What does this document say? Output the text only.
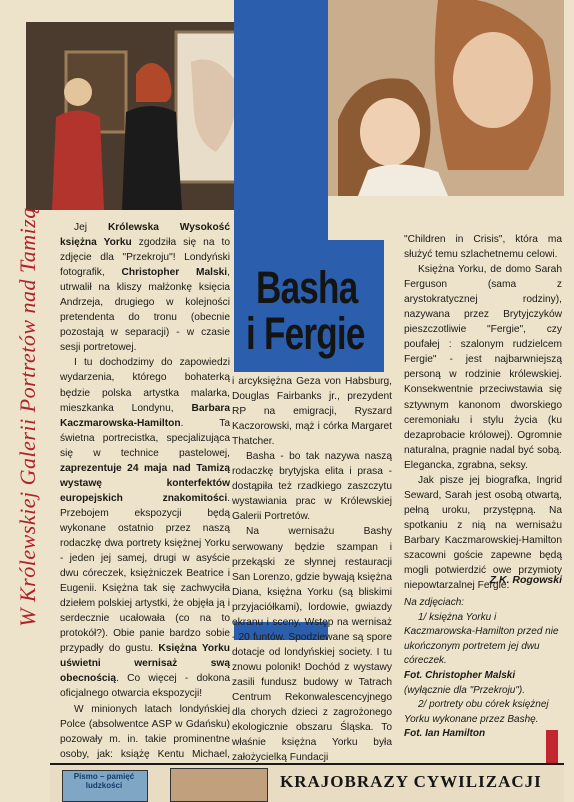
Basha
i Fergie
W Królewskiej Galerii Portretów nad Tamizą	Jej Królewska Wysokość księżna Yorku zgodziła się na to zdjęcie dla "Przekroju"! Londyński fotografik, Christopher Malski, utrwalił na kliszy małżonkę księcia Andrzeja, drugiego w kolejności pretendenta do tronu (obecnie pozostają w separacji) - w czasie sesji portretowej.

I tu dochodzimy do zapowiedzi wydarzenia, którego bohaterką będzie polska artystka malarka, mieszkanka Londynu, Barbara Kaczmarowska-Hamilton. Ta świetna portrecistka, specjalizująca się w technice pastelowej, zaprezentuje 24 maja nad Tamizą wystawę konterfektów europejskich znakomitości. Przebojem ekspozycji będą wykonane ostatnio przez naszą rodaczkę dwa portrety księżnej Yorku - jeden jej samej, drugi w asyście dwu córeczek, księżniczek Beatrice i Eugenii. Księżna tak się zachwyciła dziełem polskiej artystki, że objęła ją i serdecznie ucałowała (co na to protokół?). Obie panie bardzo sobie przypadły do gustu. Księżna Yorku uświetni wernisaż swą obecnością. Co więcej - dokona oficjalnego otwarcia ekspozycji!

W minionych latach londyńskiej Polce (absolwentce ASP w Gdańsku) pozowały m. in. takie prominentne osoby, jak: książę Kentu Michael,

i arcyksiężna Geza von Habsburg, Douglas Fairbanks jr., prezydent RP na emigracji, Ryszard Kaczorowski, mąż i córka Margaret Thatcher.

Basha - bo tak nazywa naszą rodaczkę brytyjska elita i prasa - dostąpiła też rzadkiego zaszczytu wystawiania prac w Królewskiej Galerii Portretów.

Na wernisażu Bashy serwowany będzie szampan i przekąski ze słynnej restauracji San Lorenzo, gdzie bywają księżna Diana, księżna Yorku (są bliskimi przyjaciółkami), lordowie, gwiazdy ekranu i sceny. Wstęp na wernisaż - 20 funtów. Spodziewane są spore dotacje od londyńskiej society. I tu znowu polonik! Dochód z wystawy zasili fundusz budowy w Tatrach Centrum Rekonwalescencyjnego dla chorych dzieci z zagrożonego ekologicznie obszaru Śląska. To właśnie księżna Yorku była założycielką Fundacji

"Children in Crisis", która ma służyć temu szlachetnemu celowi.

Księżna Yorku, de domo Sarah Ferguson (sama z arystokratycznej rodziny), nazywana przez Brytyjczyków pieszczotliwie "Fergie", czy poufałej : szalonym rudzielcem Fergie" - jest najbarwniejszą personą w rodzinie królewskiej. Konsekwentnie przeciwstawia się sztywnym kanonom dworskiego ceremoniału i stylu życia (ku dezaprobacie królowej). Ogromnie naturalna, pragnie nadal być sobą. Elegancka, zgrabna, seksy.

Jak pisze jej biografka, Ingrid Seward, Sarah jest osobą otwartą, pełną uroku, przystępną. Na spotkaniu z nią na wernisażu Barbary Kaczmarowskiej-Hamilton szacowni goście zapewne będą mogli potwierdzić owe przymioty niepowtarzalnej Fergie.

Z.K. Rogowski

Na zdjęciach:

1/ księżna Yorku i Kaczmarowska-Hamilton przed nie ukończonym portretem jej dwu córeczek.

Fot. Christopher Malski (wyłącznie dla "Przekroju").

2/ portrety obu córek księżnej Yorku wykonane przez Bashę.

Fot. Ian Hamilton

Pismo – pamięć ludzkości	KRAJOBRAZY CYWILIZACJI
